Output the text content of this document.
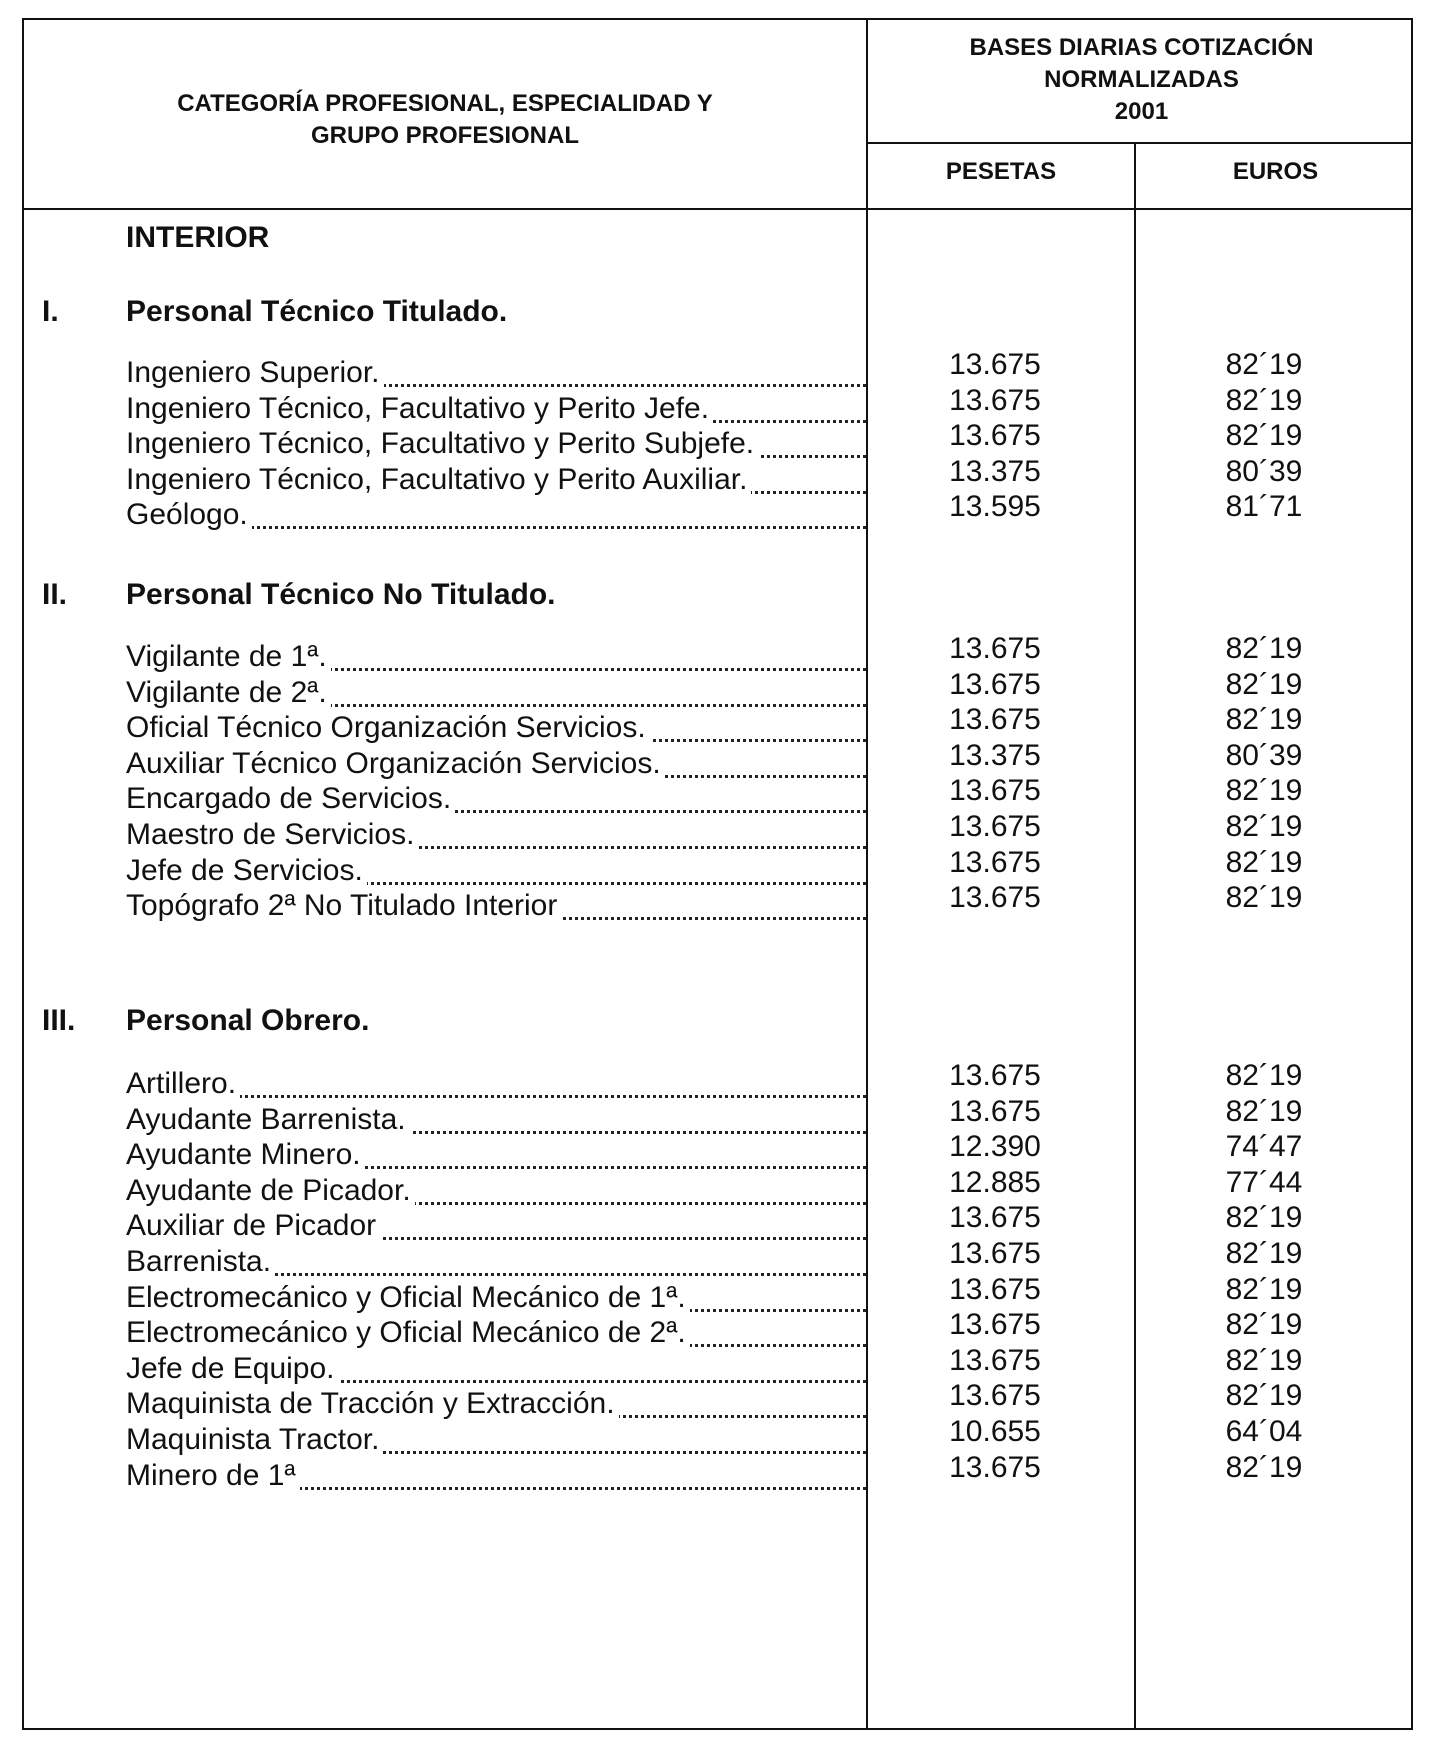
CATEGORÍA PROFESIONAL, ESPECIALIDAD Y
GRUPO PROFESIONAL
BASES DIARIAS COTIZACIÓN
NORMALIZADAS
2001
PESETAS	EUROS
INTERIOR
I. Personal Técnico Titulado.
Ingeniero Superior.	13.675	82´19
Ingeniero Técnico, Facultativo y Perito Jefe.	13.675	82´19
Ingeniero Técnico, Facultativo y Perito Subjefe.	13.675	82´19
Ingeniero Técnico, Facultativo y Perito Auxiliar.	13.375	80´39
Geólogo.	13.595	81´71
II. Personal Técnico No Titulado.
Vigilante de 1ª.	13.675	82´19
Vigilante de 2ª.	13.675	82´19
Oficial Técnico Organización Servicios.	13.675	82´19
Auxiliar Técnico Organización Servicios.	13.375	80´39
Encargado de Servicios.	13.675	82´19
Maestro de Servicios.	13.675	82´19
Jefe de Servicios.	13.675	82´19
Topógrafo 2ª No Titulado Interior	13.675	82´19
III. Personal Obrero.
Artillero.	13.675	82´19
Ayudante Barrenista.	13.675	82´19
Ayudante Minero.	12.390	74´47
Ayudante de Picador.	12.885	77´44
Auxiliar de Picador	13.675	82´19
Barrenista.	13.675	82´19
Electromecánico y Oficial Mecánico de 1ª.	13.675	82´19
Electromecánico y Oficial Mecánico de 2ª.	13.675	82´19
Jefe de Equipo.	13.675	82´19
Maquinista de Tracción y Extracción.	13.675	82´19
Maquinista Tractor.	10.655	64´04
Minero de 1ª	13.675	82´19
